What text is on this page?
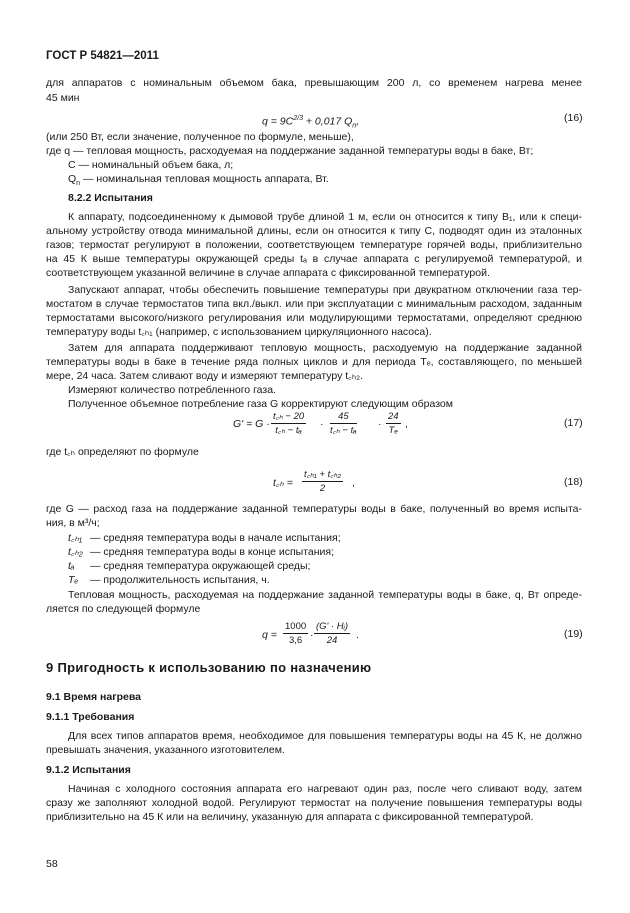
ГОСТ Р 54821—2011
для аппаратов с номинальным объемом бака, превышающим 200 л, со временем нагрева менее
45 мин
$q = 9C^{2/3} + 0,017$ $Q_n$,	(16)
(или 250 Вт, если значение, полученное по формуле, меньше),
где q — тепловая мощность, расходуемая на поддержание заданной температуры воды в баке, Вт;
C — номинальный объем бака, л;
$Q_n$ — номинальная тепловая мощность аппарата, Вт.
8.2.2 Испытания
К аппарату, подсоединенному к дымовой трубе длиной 1 м, если он относится к типу B₁, или к специ-
альному устройству отвода минимальной длины, если он относится к типу C, подводят один из эталонных
газов; термостат регулируют в положении, соответствующем температуре горячей воды, приблизительно
на 45 К выше температуры окружающей среды tₐ в случае аппарата с регулируемой температурой, и
соответствующем указанной величине в случае аппарата с фиксированной температурой.
Запускают аппарат, чтобы обеспечить повышение температуры при двукратном отключении газа тер-
мостатом в случае термостатов типа вкл./выкл. или при эксплуатации с минимальным расходом, заданным
термостатами высокого/низкого регулирования или модулирующими термостатами, определяют среднюю
температуру воды t꜀ₕ₁ (например, с использованием циркуляционного насоса).
Затем для аппарата поддерживают тепловую мощность, расходуемую на поддержание заданной
температуры воды в баке в течение ряда полных циклов и для периода Tₑ, составляющего, по меньшей
мере, 24 часа. Затем сливают воду и измеряют температуру t꜀ₕ₂.
Измеряют количество потребленного газа.
Полученное объемное потребление газа G корректируют следующим образом
$G' = G \cdot \frac{\text{t꜀ₕ − 20}}{\text{t꜀ₕ − tₐ}} \cdot \frac{45}{\text{t꜀ₕ − tₐ}} \cdot \frac{24}{\text{Tₑ}}$ ,	(17)
где t꜀ₕ определяют по формуле
t꜀ₕ = $\frac{\text{t꜀ₕ₁ + t꜀ₕ₂}}{2}$ ,	(18)
где G — расход газа на поддержание заданной температуры воды в баке, полученный во время испыта-
ния, в м³/ч;
t꜀ₕ₁ — средняя температура воды в начале испытания;
t꜀ₕ₂ — средняя температура воды в конце испытания;
tₐ — средняя температура окружающей среды;
Tₑ — продолжительность испытания, ч.
Тепловая мощность, расходуемая на поддержание заданной температуры воды в баке, q, Вт опреде-
ляется по следующей формуле
$q = \frac{1000}{3,6} \cdot \frac{\text{(G' · Hᵢ)}}{24}$ .	(19)
9 Пригодность к использованию по назначению
9.1 Время нагрева
9.1.1 Требования
Для всех типов аппаратов время, необходимое для повышения температуры воды на 45 К, не должно
превышать значения, указанного изготовителем.
9.1.2 Испытания
Начиная с холодного состояния аппарата его нагревают один раз, после чего сливают воду, затем
сразу же заполняют холодной водой. Регулируют термостат на получение повышения температуры воды
приблизительно на 45 К или на величину, указанную для аппарата с фиксированной температурой.
58
